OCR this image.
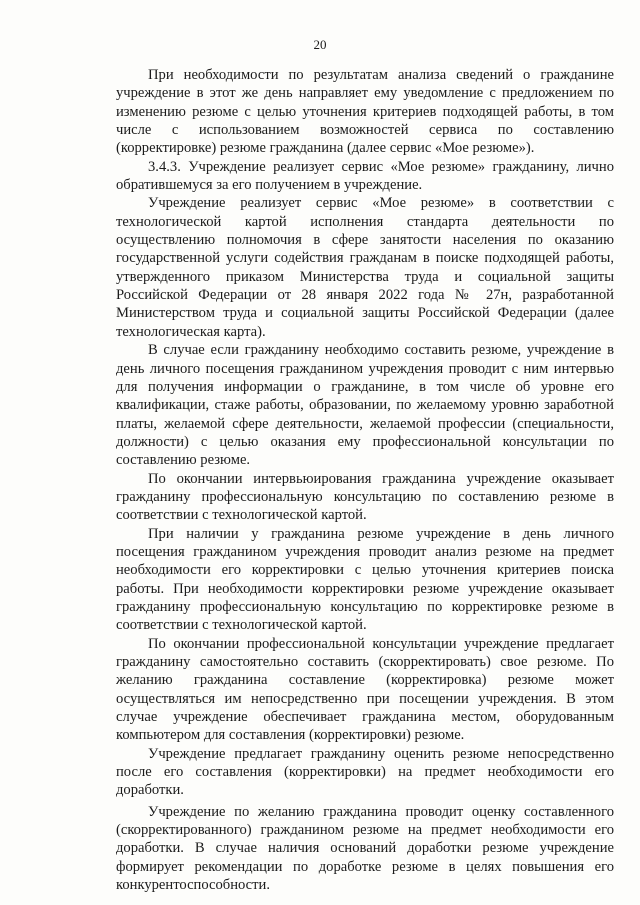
20

При необходимости по результатам анализа сведений о гражданине учреждение в этот же день направляет ему уведомление с предложением по изменению резюме с целью уточнения критериев подходящей работы, в том числе с использованием возможностей сервиса по составлению (корректировке) резюме гражданина (далее сервис «Мое резюме»).

3.4.3. Учреждение реализует сервис «Мое резюме» гражданину, лично обратившемуся за его получением в учреждение.

Учреждение реализует сервис «Мое резюме» в соответствии с технологической картой исполнения стандарта деятельности по осуществлению полномочия в сфере занятости населения по оказанию государственной услуги содействия гражданам в поиске подходящей работы, утвержденного приказом Министерства труда и социальной защиты Российской Федерации от 28 января 2022 года № 27н, разработанной Министерством труда и социальной защиты Российской Федерации (далее технологическая карта).

В случае если гражданину необходимо составить резюме, учреждение в день личного посещения гражданином учреждения проводит с ним интервью для получения информации о гражданине, в том числе об уровне его квалификации, стаже работы, образовании, по желаемому уровню заработной платы, желаемой сфере деятельности, желаемой профессии (специальности, должности) с целью оказания ему профессиональной консультации по составлению резюме.

По окончании интервьюирования гражданина учреждение оказывает гражданину профессиональную консультацию по составлению резюме в соответствии с технологической картой.

При наличии у гражданина резюме учреждение в день личного посещения гражданином учреждения проводит анализ резюме на предмет необходимости его корректировки с целью уточнения критериев поиска работы. При необходимости корректировки резюме учреждение оказывает гражданину профессиональную консультацию по корректировке резюме в соответствии с технологической картой.

По окончании профессиональной консультации учреждение предлагает гражданину самостоятельно составить (скорректировать) свое резюме. По желанию гражданина составление (корректировка) резюме может осуществляться им непосредственно при посещении учреждения. В этом случае учреждение обеспечивает гражданина местом, оборудованным компьютером для составления (корректировки) резюме.

Учреждение предлагает гражданину оценить резюме непосредственно после его составления (корректировки) на предмет необходимости его доработки.

Учреждение по желанию гражданина проводит оценку составленного (скорректированного) гражданином резюме на предмет необходимости его доработки. В случае наличия оснований доработки резюме учреждение формирует рекомендации по доработке резюме в целях повышения его конкурентоспособности.
